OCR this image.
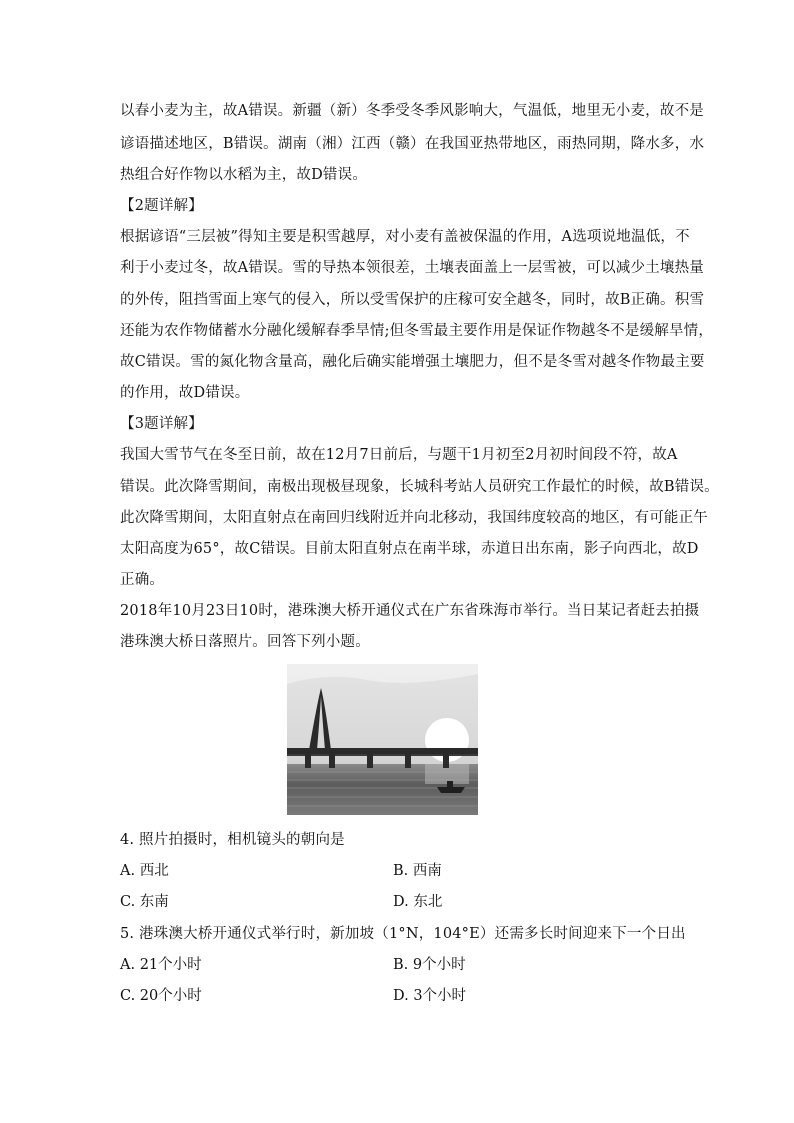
以春小麦为主，故A错误。新疆（新）冬季受冬季风影响大，气温低，地里无小麦，故不是
谚语描述地区，B错误。湖南（湘）江西（赣）在我国亚热带地区，雨热同期，降水多，水
热组合好作物以水稻为主，故D错误。
【2题详解】
根据谚语“三层被”得知主要是积雪越厚，对小麦有盖被保温的作用，A选项说地温低，不
利于小麦过冬，故A错误。雪的导热本领很差，土壤表面盖上一层雪被，可以减少土壤热量
的外传，阻挡雪面上寒气的侵入，所以受雪保护的庄稼可安全越冬，同时，故B正确。积雪
还能为农作物储蓄水分融化缓解春季旱情;但冬雪最主要作用是保证作物越冬不是缓解旱情，
故C错误。雪的氮化物含量高，融化后确实能增强土壤肥力，但不是冬雪对越冬作物最主要
的作用，故D错误。
【3题详解】
我国大雪节气在冬至日前，故在12月7日前后，与题干1月初至2月初时间段不符，故A
错误。此次降雪期间，南极出现极昼现象，长城科考站人员研究工作最忙的时候，故B错误。
此次降雪期间，太阳直射点在南回归线附近并向北移动，我国纬度较高的地区，有可能正午
太阳高度为65°，故C错误。目前太阳直射点在南半球，赤道日出东南，影子向西北，故D
正确。
2018年10月23日10时，港珠澳大桥开通仪式在广东省珠海市举行。当日某记者赶去拍摄
港珠澳大桥日落照片。回答下列小题。
4. 照片拍摄时，相机镜头的朝向是
A. 西北	B. 西南
C. 东南	D. 东北
5. 港珠澳大桥开通仪式举行时，新加坡（1°N，104°E）还需多长时间迎来下一个日出
A. 21个小时	B. 9个小时
C. 20个小时	D. 3个小时
